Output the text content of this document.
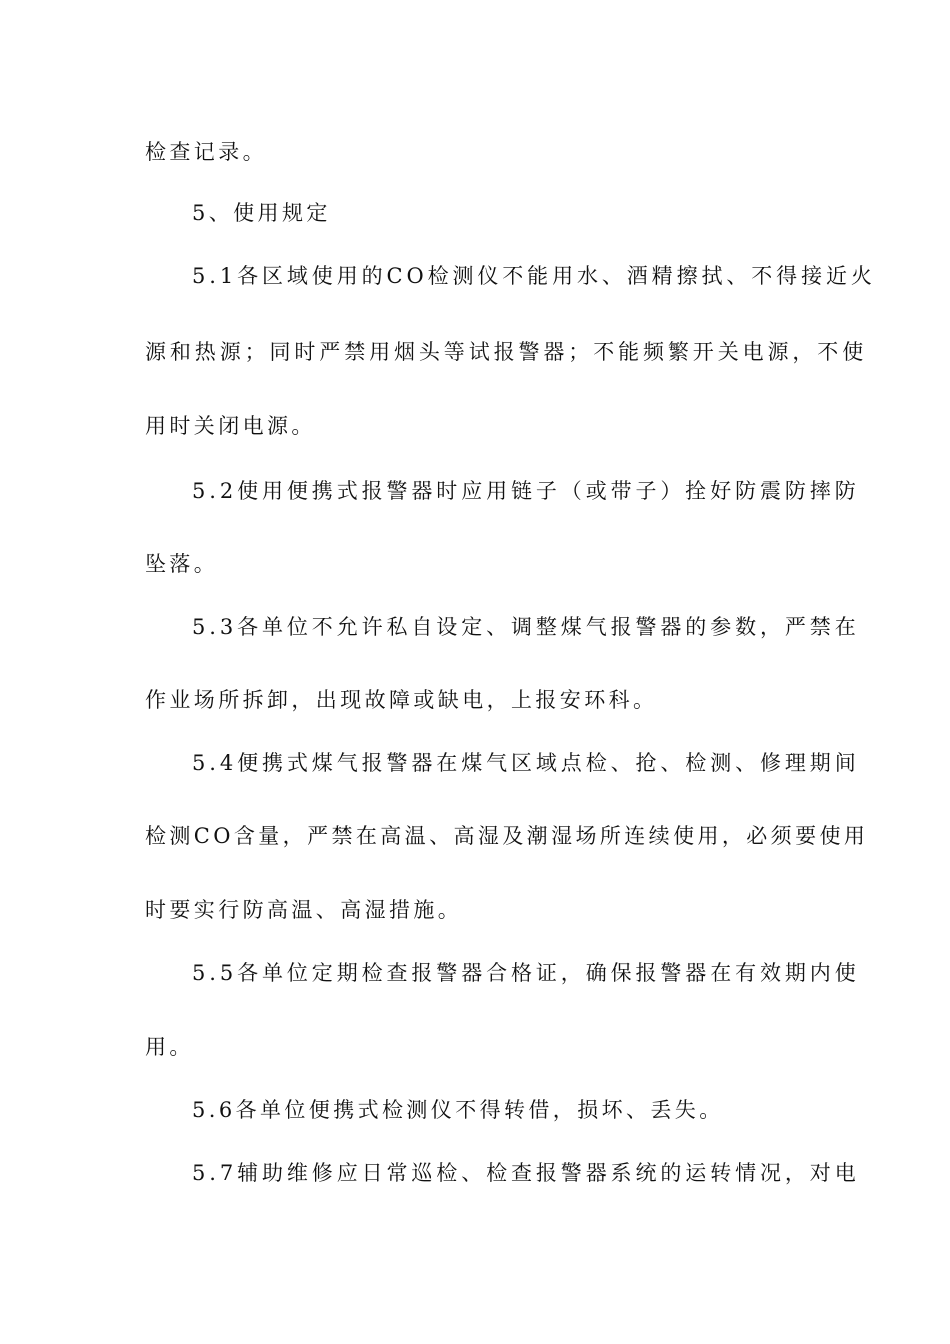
检查记录。
5、使用规定
5.1各区域使用的CO检测仪不能用水、酒精擦拭、不得接近火
源和热源；同时严禁用烟头等试报警器；不能频繁开关电源，不使
用时关闭电源。
5.2使用便携式报警器时应用链子（或带子）拴好防震防摔防
坠落。
5.3各单位不允许私自设定、调整煤气报警器的参数，严禁在
作业场所拆卸，出现故障或缺电，上报安环科。
5.4便携式煤气报警器在煤气区域点检、抢、检测、修理期间
检测CO含量，严禁在高温、高湿及潮湿场所连续使用，必须要使用
时要实行防高温、高湿措施。
5.5各单位定期检查报警器合格证，确保报警器在有效期内使
用。
5.6各单位便携式检测仪不得转借，损坏、丢失。
5.7辅助维修应日常巡检、检查报警器系统的运转情况，对电
